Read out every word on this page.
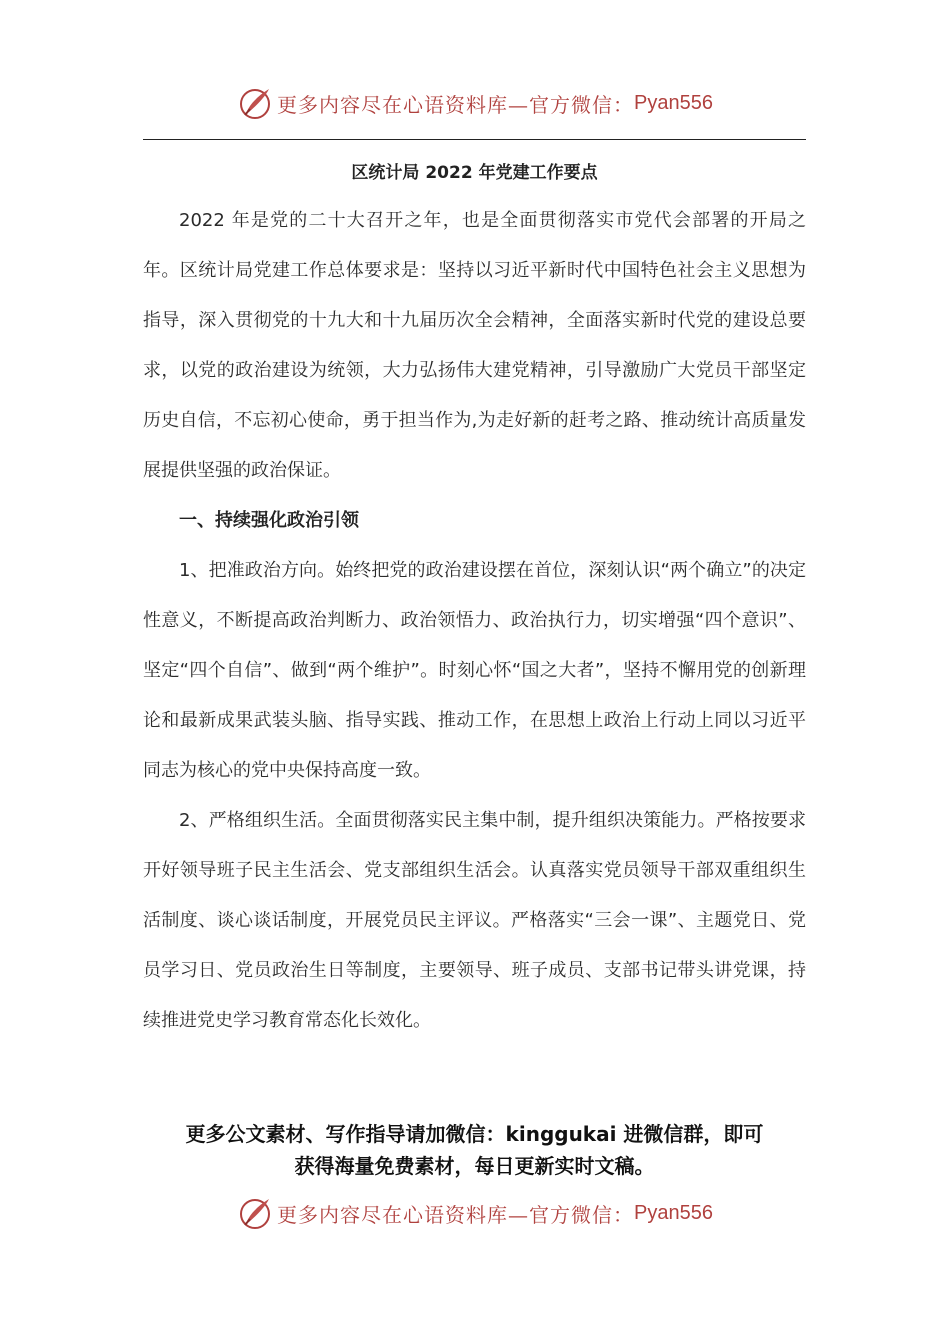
更多内容尽在心语资料库—官方微信： Pyan556
区统计局 2022 年党建工作要点

2022 年是党的二十大召开之年，也是全面贯彻落实市党代会部署的开局之年。区统计局党建工作总体要求是：坚持以习近平新时代中国特色社会主义思想为指导，深入贯彻党的十九大和十九届历次全会精神，全面落实新时代党的建设总要求，以党的政治建设为统领，大力弘扬伟大建党精神，引导激励广大党员干部坚定历史自信，不忘初心使命，勇于担当作为,为走好新的赶考之路、推动统计高质量发展提供坚强的政治保证。

一、持续强化政治引领

1、把准政治方向。始终把党的政治建设摆在首位，深刻认识“两个确立”的决定性意义，不断提高政治判断力、政治领悟力、政治执行力，切实增强“四个意识”、坚定“四个自信”、做到“两个维护”。时刻心怀“国之大者”，坚持不懈用党的创新理论和最新成果武装头脑、指导实践、推动工作，在思想上政治上行动上同以习近平同志为核心的党中央保持高度一致。

2、严格组织生活。全面贯彻落实民主集中制，提升组织决策能力。严格按要求开好领导班子民主生活会、党支部组织生活会。认真落实党员领导干部双重组织生活制度、谈心谈话制度，开展党员民主评议。严格落实“三会一课”、主题党日、党员学习日、党员政治生日等制度，主要领导、班子成员、支部书记带头讲党课，持续推进党史学习教育常态化长效化。

更多公文素材、写作指导请加微信：kinggukai 进微信群，即可
获得海量免费素材，每日更新实时文稿。
更多内容尽在心语资料库—官方微信： Pyan556
